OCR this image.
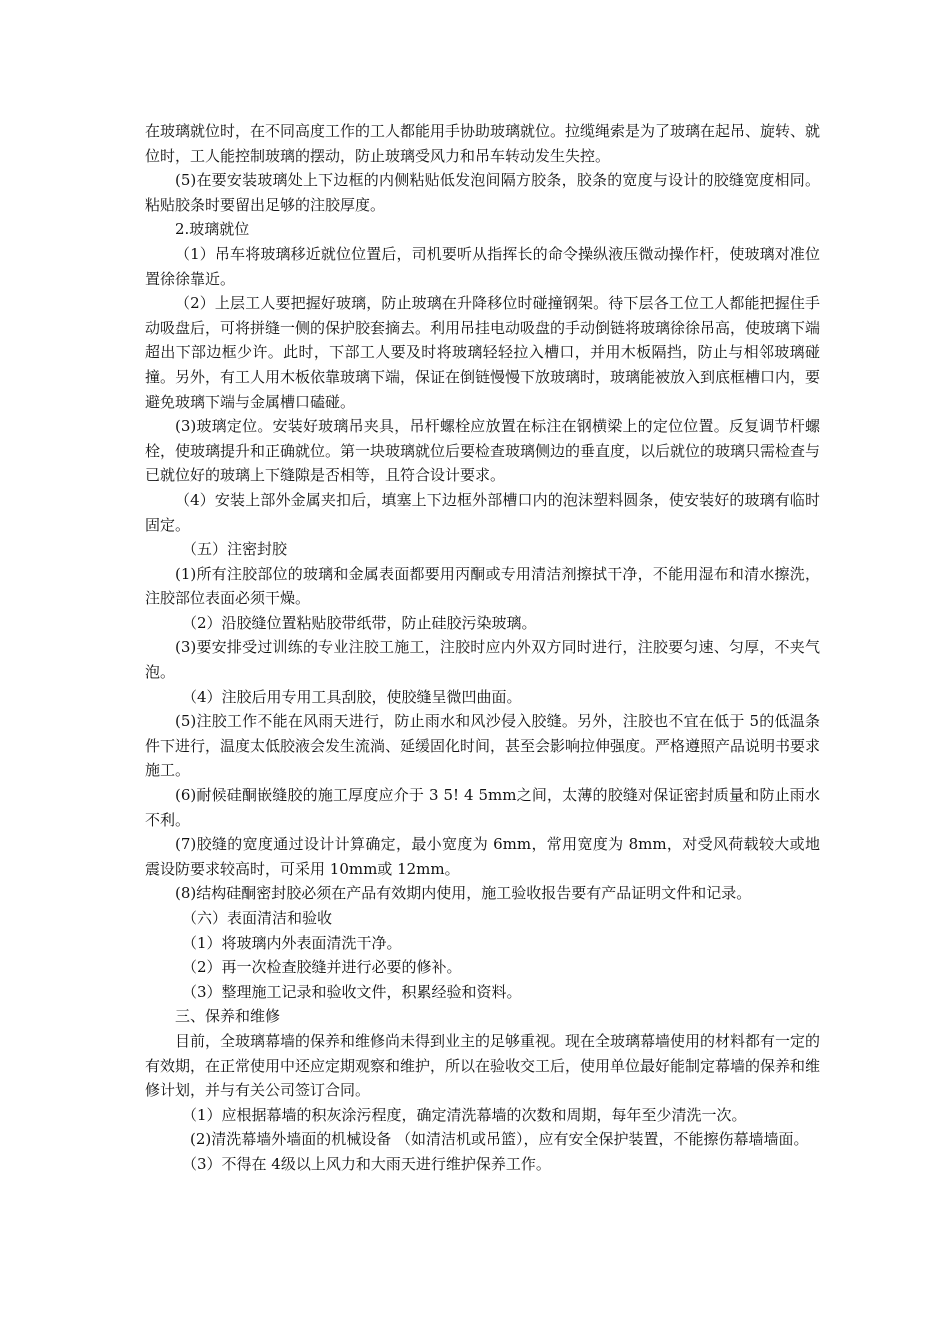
在玻璃就位时，在不同高度工作的工人都能用手协助玻璃就位。拉缆绳索是为了玻璃在起吊、旋转、就位时，工人能控制玻璃的摆动，防止玻璃受风力和吊车转动发生失控。

(5)在要安装玻璃处上下边框的内侧粘贴低发泡间隔方胶条，胶条的宽度与设计的胶缝宽度相同。粘贴胶条时要留出足够的注胶厚度。

2.玻璃就位

（1）吊车将玻璃移近就位位置后，司机要听从指挥长的命令操纵液压微动操作杆，使玻璃对准位置徐徐靠近。

（2）上层工人要把握好玻璃，防止玻璃在升降移位时碰撞钢架。待下层各工位工人都能把握住手动吸盘后，可将拼缝一侧的保护胶套摘去。利用吊挂电动吸盘的手动倒链将玻璃徐徐吊高，使玻璃下端超出下部边框少许。此时，下部工人要及时将玻璃轻轻拉入槽口，并用木板隔挡，防止与相邻玻璃碰撞。另外，有工人用木板依靠玻璃下端，保证在倒链慢慢下放玻璃时，玻璃能被放入到底框槽口内，要避免玻璃下端与金属槽口磕碰。

(3)玻璃定位。安装好玻璃吊夹具，吊杆螺栓应放置在标注在钢横梁上的定位位置。反复调节杆螺栓，使玻璃提升和正确就位。第一块玻璃就位后要检查玻璃侧边的垂直度，以后就位的玻璃只需检查与已就位好的玻璃上下缝隙是否相等，且符合设计要求。

（4）安装上部外金属夹扣后，填塞上下边框外部槽口内的泡沫塑料圆条，使安装好的玻璃有临时固定。

（五）注密封胶

(1)所有注胶部位的玻璃和金属表面都要用丙酮或专用清洁剂擦拭干净，不能用湿布和清水擦洗，注胶部位表面必须干燥。

（2）沿胶缝位置粘贴胶带纸带，防止硅胶污染玻璃。

(3)要安排受过训练的专业注胶工施工，注胶时应内外双方同时进行，注胶要匀速、匀厚，不夹气泡。

（4）注胶后用专用工具刮胶，使胶缝呈微凹曲面。

(5)注胶工作不能在风雨天进行，防止雨水和风沙侵入胶缝。另外，注胶也不宜在低于 5的低温条件下进行，温度太低胶液会发生流淌、延缓固化时间，甚至会影响拉伸强度。严格遵照产品说明书要求施工。

(6)耐候硅酮嵌缝胶的施工厚度应介于 3 5! 4 5mm之间，太薄的胶缝对保证密封质量和防止雨水不利。

(7)胶缝的宽度通过设计计算确定，最小宽度为 6mm，常用宽度为 8mm，对受风荷载较大或地震设防要求较高时，可采用 10mm或 12mm。

(8)结构硅酮密封胶必须在产品有效期内使用，施工验收报告要有产品证明文件和记录。

（六）表面清洁和验收

（1）将玻璃内外表面清洗干净。

（2）再一次检查胶缝并进行必要的修补。

（3）整理施工记录和验收文件，积累经验和资料。

三、保养和维修

目前，全玻璃幕墙的保养和维修尚未得到业主的足够重视。现在全玻璃幕墙使用的材料都有一定的有效期，在正常使用中还应定期观察和维护，所以在验收交工后，使用单位最好能制定幕墙的保养和维修计划，并与有关公司签订合同。

（1）应根据幕墙的积灰涂污程度，确定清洗幕墙的次数和周期，每年至少清洗一次。

(2)清洗幕墙外墙面的机械设备 （如清洁机或吊篮），应有安全保护装置，不能擦伤幕墙墙面。

（3）不得在 4级以上风力和大雨天进行维护保养工作。
